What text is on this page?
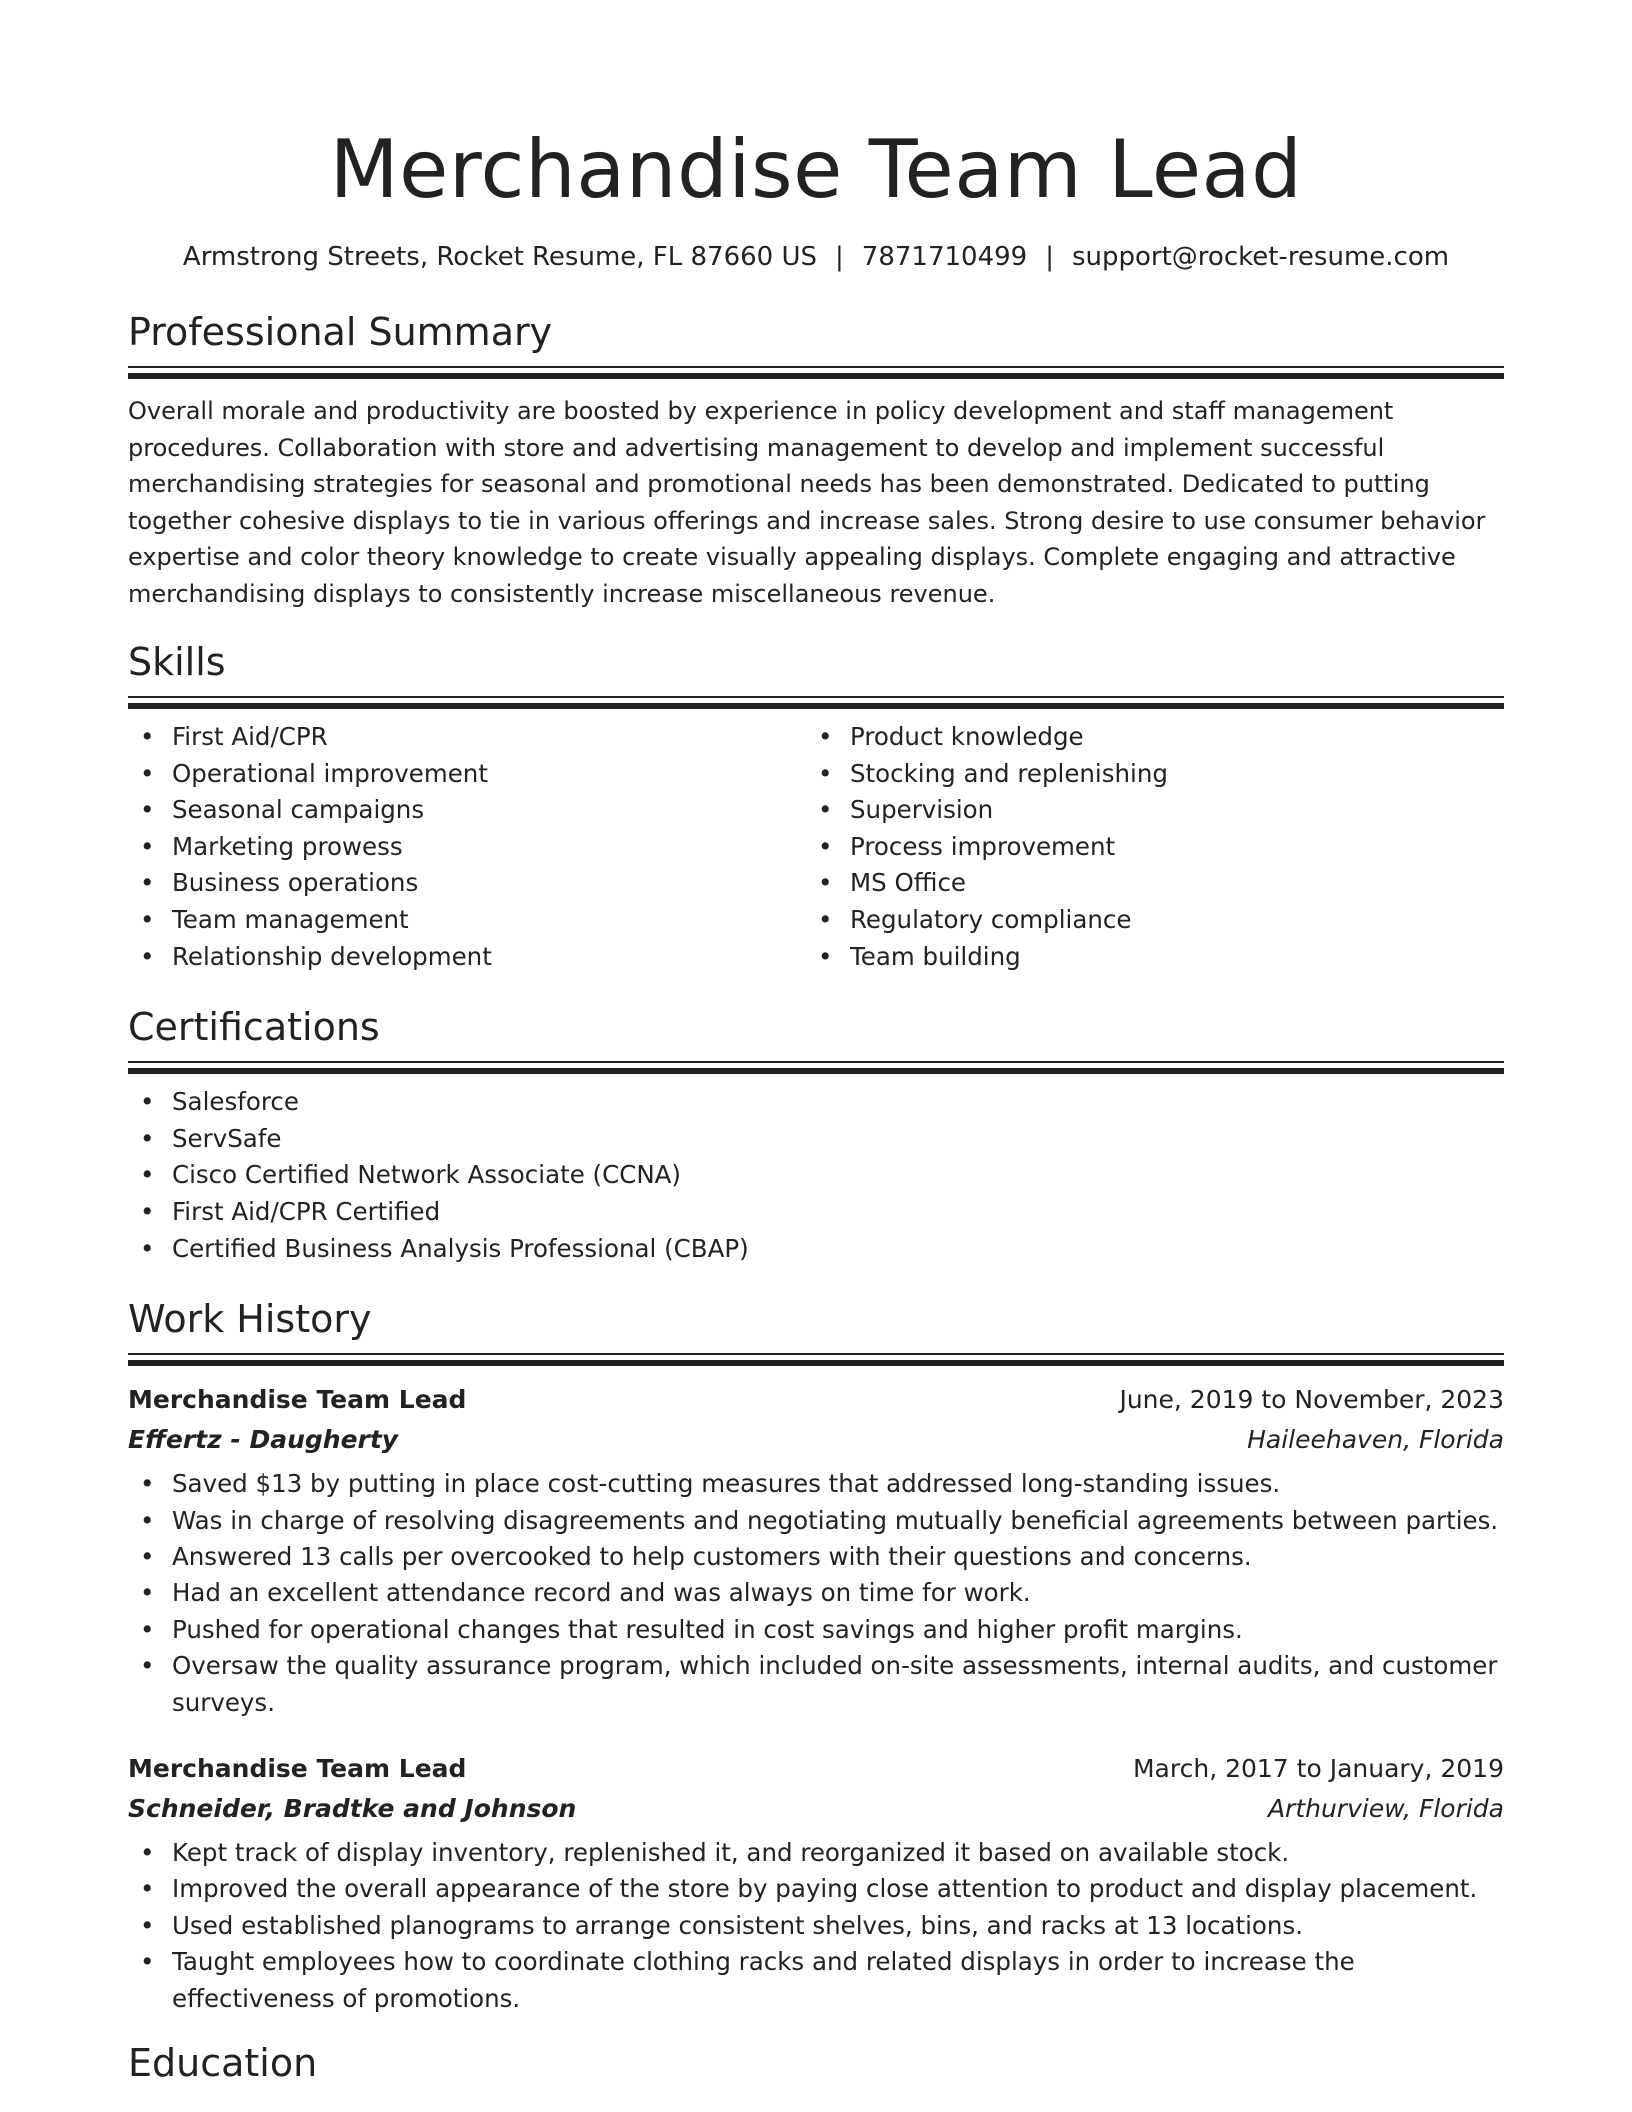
Merchandise Team Lead
Armstrong Streets, Rocket Resume, FL 87660 US | 7871710499 | support@rocket-resume.com
Professional Summary

Overall morale and productivity are boosted by experience in policy development and staff management procedures. Collaboration with store and advertising management to develop and implement successful merchandising strategies for seasonal and promotional needs has been demonstrated. Dedicated to putting together cohesive displays to tie in various offerings and increase sales. Strong desire to use consumer behavior expertise and color theory knowledge to create visually appealing displays. Complete engaging and attractive merchandising displays to consistently increase miscellaneous revenue.

Skills
• First Aid/CPR
• Operational improvement
• Seasonal campaigns
• Marketing prowess
• Business operations
• Team management
• Relationship development
• Product knowledge
• Stocking and replenishing
• Supervision
• Process improvement
• MS Office
• Regulatory compliance
• Team building
Certifications
• Salesforce
• ServSafe
• Cisco Certified Network Associate (CCNA)
• First Aid/CPR Certified
• Certified Business Analysis Professional (CBAP)
Work History
Merchandise Team Lead	June, 2019 to November, 2023
Effertz - Daugherty	Haileehaven, Florida
• Saved $13 by putting in place cost-cutting measures that addressed long-standing issues.
• Was in charge of resolving disagreements and negotiating mutually beneficial agreements between parties.
• Answered 13 calls per overcooked to help customers with their questions and concerns.
• Had an excellent attendance record and was always on time for work.
• Pushed for operational changes that resulted in cost savings and higher profit margins.
• Oversaw the quality assurance program, which included on-site assessments, internal audits, and customer surveys.
Merchandise Team Lead	March, 2017 to January, 2019
Schneider, Bradtke and Johnson	Arthurview, Florida
• Kept track of display inventory, replenished it, and reorganized it based on available stock.
• Improved the overall appearance of the store by paying close attention to product and display placement.
• Used established planograms to arrange consistent shelves, bins, and racks at 13 locations.
• Taught employees how to coordinate clothing racks and related displays in order to increase the effectiveness of promotions.
Education
